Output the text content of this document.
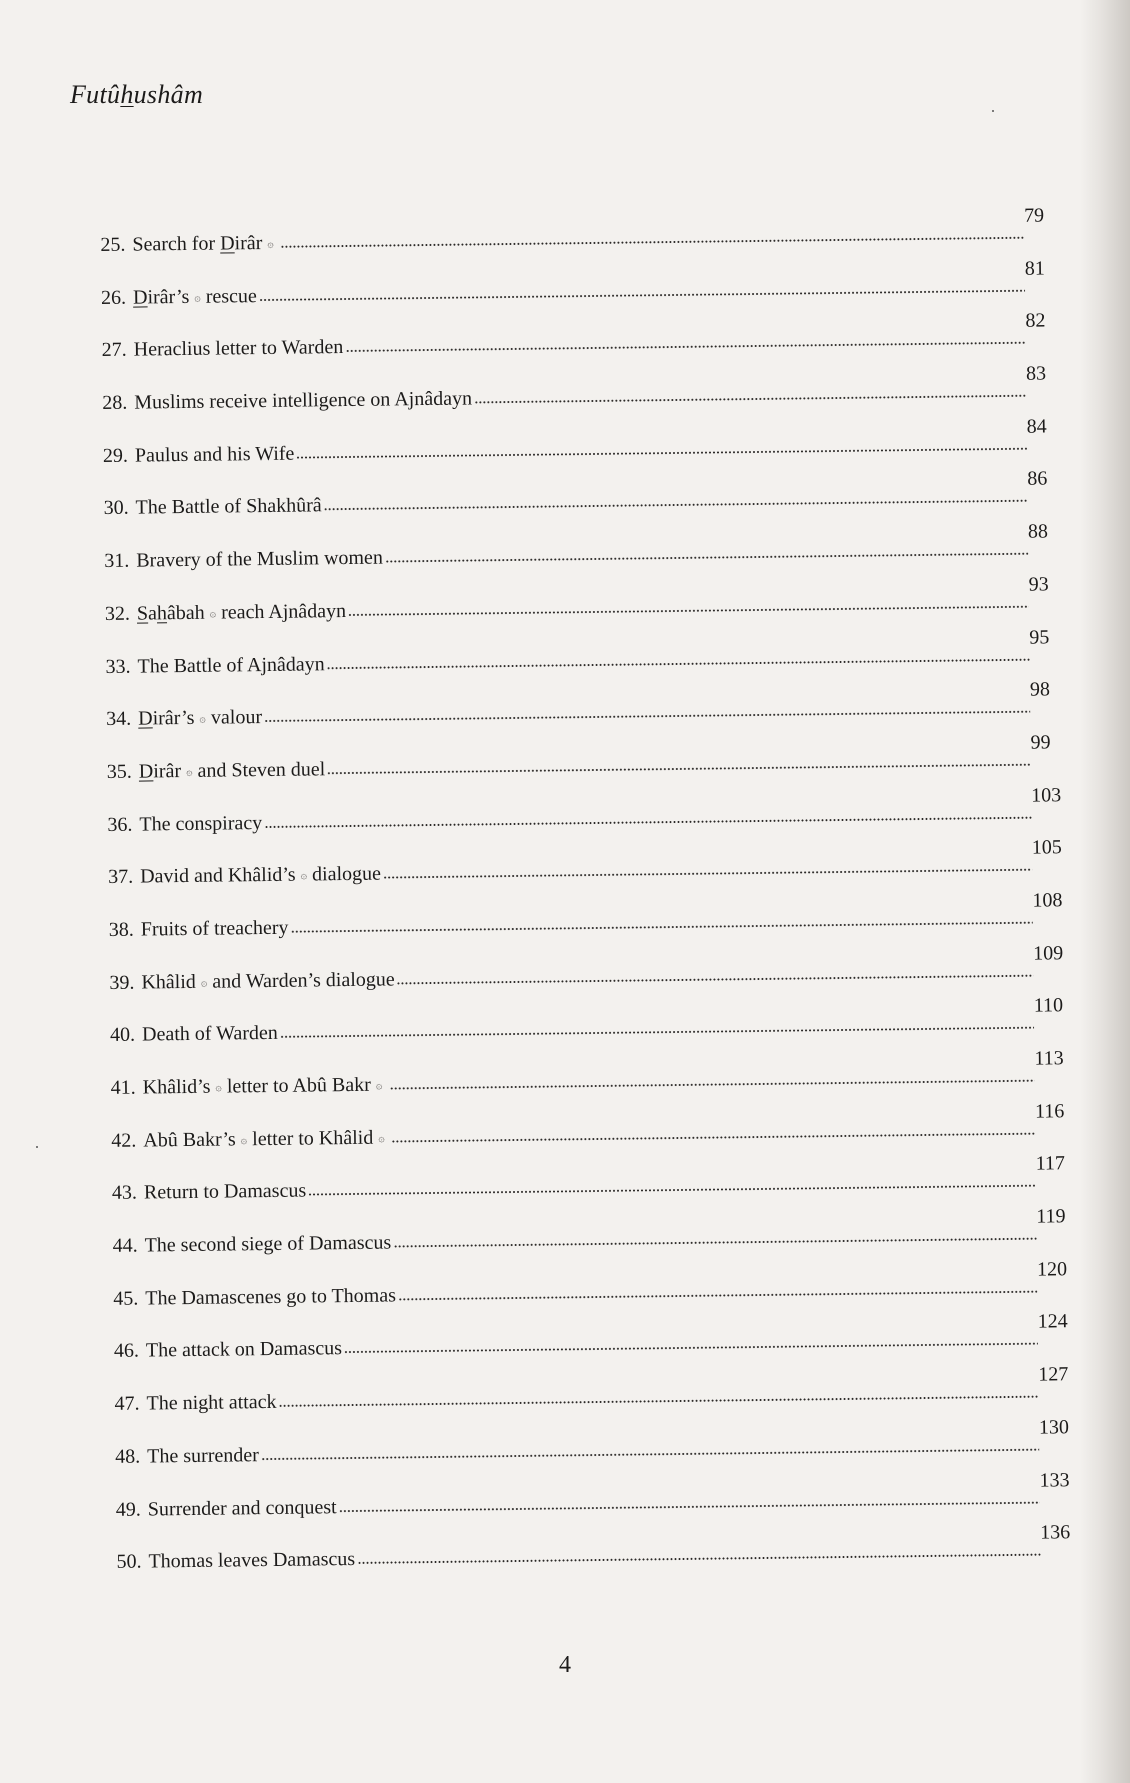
Futûhushâm
25. Search for Dirâr ۞
79
26. Dirâr’s ۞ rescue
81
27. Heraclius letter to Warden
82
28. Muslims receive intelligence on Ajnâdayn
83
29. Paulus and his Wife
84
30. The Battle of Shakhûrâ
86
31. Bravery of the Muslim women
88
32. Sahâbah ۞ reach Ajnâdayn
93
33. The Battle of Ajnâdayn
95
34. Dirâr’s ۞ valour
98
35. Dirâr ۞ and Steven duel
99
36. The conspiracy
103
37. David and Khâlid’s ۞ dialogue
105
38. Fruits of treachery
108
39. Khâlid ۞ and Warden’s dialogue
109
40. Death of Warden
110
41. Khâlid’s ۞ letter to Abû Bakr ۞
113
42. Abû Bakr’s ۞ letter to Khâlid ۞
116
43. Return to Damascus
117
44. The second siege of Damascus
119
45. The Damascenes go to Thomas
120
46. The attack on Damascus
124
47. The night attack
127
48. The surrender
130
49. Surrender and conquest
133
50. Thomas leaves Damascus
136
4
